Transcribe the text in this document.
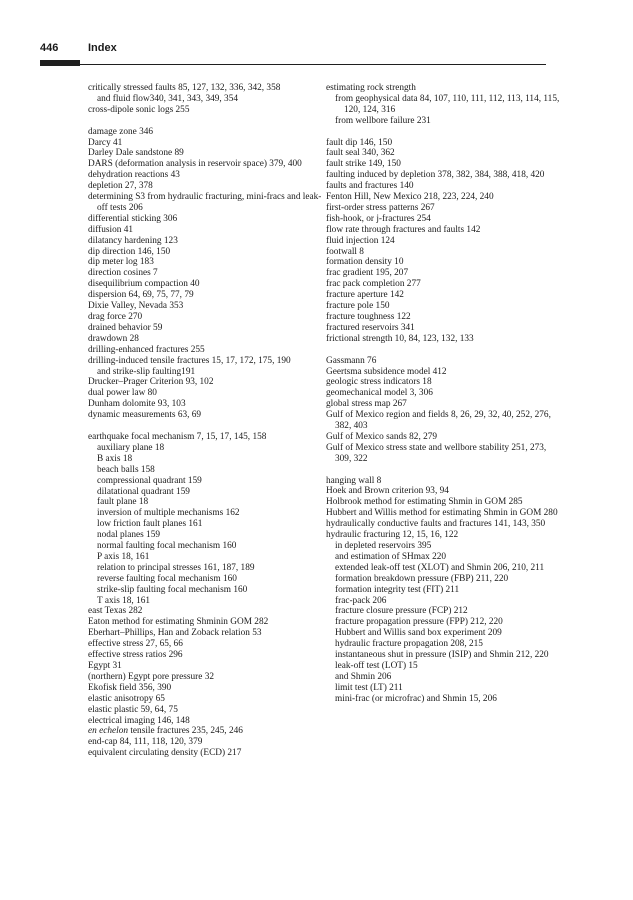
446	Index

critically stressed faults 85, 127, 132, 336, 342, 358

and fluid flow340, 341, 343, 349, 354

cross-dipole sonic logs 255

damage zone 346

Darcy 41

Darley Dale sandstone 89

DARS (deformation analysis in reservoir space) 379, 400

dehydration reactions 43

depletion 27, 378

determining S3 from hydraulic fracturing, mini-fracs and leak-off tests 206

differential sticking 306

diffusion 41

dilatancy hardening 123

dip direction 146, 150

dip meter log 183

direction cosines 7

disequilibrium compaction 40

dispersion 64, 69, 75, 77, 79

Dixie Valley, Nevada 353

drag force 270

drained behavior 59

drawdown 28

drilling-enhanced fractures 255

drilling-induced tensile fractures 15, 17, 172, 175, 190

and strike-slip faulting191

Drucker–Prager Criterion 93, 102

dual power law 80

Dunham dolomite 93, 103

dynamic measurements 63, 69

earthquake focal mechanism 7, 15, 17, 145, 158

auxiliary plane 18

B axis 18

beach balls 158

compressional quadrant 159

dilatational quadrant 159

fault plane 18

inversion of multiple mechanisms 162

low friction fault planes 161

nodal planes 159

normal faulting focal mechanism 160

P axis 18, 161

relation to principal stresses 161, 187, 189

reverse faulting focal mechanism 160

strike-slip faulting focal mechanism 160

T axis 18, 161

east Texas 282

Eaton method for estimating Shminin GOM 282

Eberhart–Phillips, Han and Zoback relation 53

effective stress 27, 65, 66

effective stress ratios 296

Egypt 31

(northern) Egypt pore pressure 32

Ekofisk field 356, 390

elastic anisotropy 65

elastic plastic 59, 64, 75

electrical imaging 146, 148

en echelon tensile fractures 235, 245, 246

end-cap 84, 111, 118, 120, 379

equivalent circulating density (ECD) 217

estimating rock strength

from geophysical data 84, 107, 110, 111, 112, 113, 114, 115, 120, 124, 316

from wellbore failure 231

fault dip 146, 150

fault seal 340, 362

fault strike 149, 150

faulting induced by depletion 378, 382, 384, 388, 418, 420

faults and fractures 140

Fenton Hill, New Mexico 218, 223, 224, 240

first-order stress patterns 267

fish-hook, or j-fractures 254

flow rate through fractures and faults 142

fluid injection 124

footwall 8

formation density 10

frac gradient 195, 207

frac pack completion 277

fracture aperture 142

fracture pole 150

fracture toughness 122

fractured reservoirs 341

frictional strength 10, 84, 123, 132, 133

Gassmann 76

Geertsma subsidence model 412

geologic stress indicators 18

geomechanical model 3, 306

global stress map 267

Gulf of Mexico region and fields 8, 26, 29, 32, 40, 252, 276, 382, 403

Gulf of Mexico sands 82, 279

Gulf of Mexico stress state and wellbore stability 251, 273, 309, 322

hanging wall 8

Hoek and Brown criterion 93, 94

Holbrook method for estimating Shmin in GOM 285

Hubbert and Willis method for estimating Shmin in GOM 280

hydraulically conductive faults and fractures 141, 143, 350

hydraulic fracturing 12, 15, 16, 122

in depleted reservoirs 395

and estimation of SHmax 220

extended leak-off test (XLOT) and Shmin 206, 210, 211

formation breakdown pressure (FBP) 211, 220

formation integrity test (FIT) 211

frac-pack 206

fracture closure pressure (FCP) 212

fracture propagation pressure (FPP) 212, 220

Hubbert and Willis sand box experiment 209

hydraulic fracture propagation 208, 215

instantaneous shut in pressure (ISIP) and Shmin 212, 220

leak-off test (LOT) 15

and Shmin 206

limit test (LT) 211

mini-frac (or microfrac) and Shmin 15, 206
